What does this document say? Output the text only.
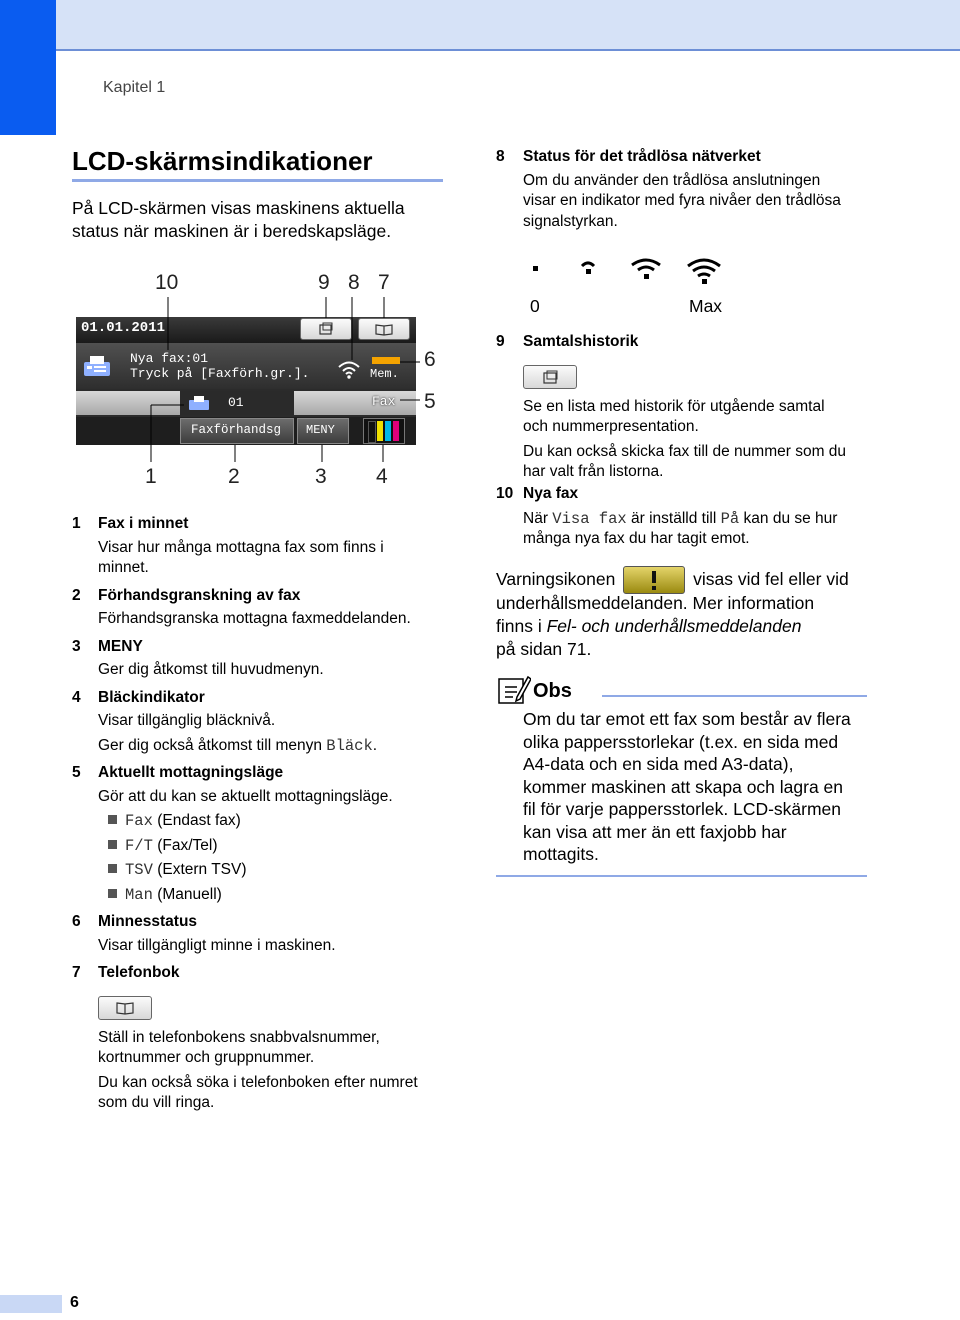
Kapitel 1
LCD-skärmsindikationer
På LCD-skärmen visas maskinens aktuella
status när maskinen är i beredskapsläge.
10	9 8 7
6
5
1	2	3 4
01.01.2011
Nya fax:01
Tryck på [Faxförh.gr.].	Mem.
01	Fax
Faxförhandsg	MENY
1 Fax i minnet
Visar hur många mottagna fax som finns i
minnet.
2 Förhandsgranskning av fax
Förhandsgranska mottagna faxmeddelanden.
3 MENY
Ger dig åtkomst till huvudmenyn.
4 Bläckindikator
Visar tillgänglig bläcknivå.
Ger dig också åtkomst till menyn Bläck.
5 Aktuellt mottagningsläge
Gör att du kan se aktuellt mottagningsläge.
Fax (Endast fax)
F/T (Fax/Tel)
TSV (Extern TSV)
Man (Manuell)
6 Minnesstatus
Visar tillgängligt minne i maskinen.
7 Telefonbok
Ställ in telefonbokens snabbvalsnummer,
kortnummer och gruppnummer.
Du kan också söka i telefonboken efter numret
som du vill ringa.
8 Status för det trådlösa nätverket
Om du använder den trådlösa anslutningen
visar en indikator med fyra nivåer den trådlösa
signalstyrkan.
0	Max
9 Samtalshistorik
Se en lista med historik för utgående samtal
och nummerpresentation.
Du kan också skicka fax till de nummer som du
har valt från listorna.
10 Nya fax
När Visa fax är inställd till På kan du se hur
många nya fax du har tagit emot.
Varningsikonen	visas vid fel eller vid
underhållsmeddelanden. Mer information
finns i Fel- och underhållsmeddelanden
på sidan 71.
Obs
Om du tar emot ett fax som består av flera
olika pappersstorlekar (t.ex. en sida med
A4-data och en sida med A3-data),
kommer maskinen att skapa och lagra en
fil för varje pappersstorlek. LCD-skärmen
kan visa att mer än ett faxjobb har
mottagits.
6
